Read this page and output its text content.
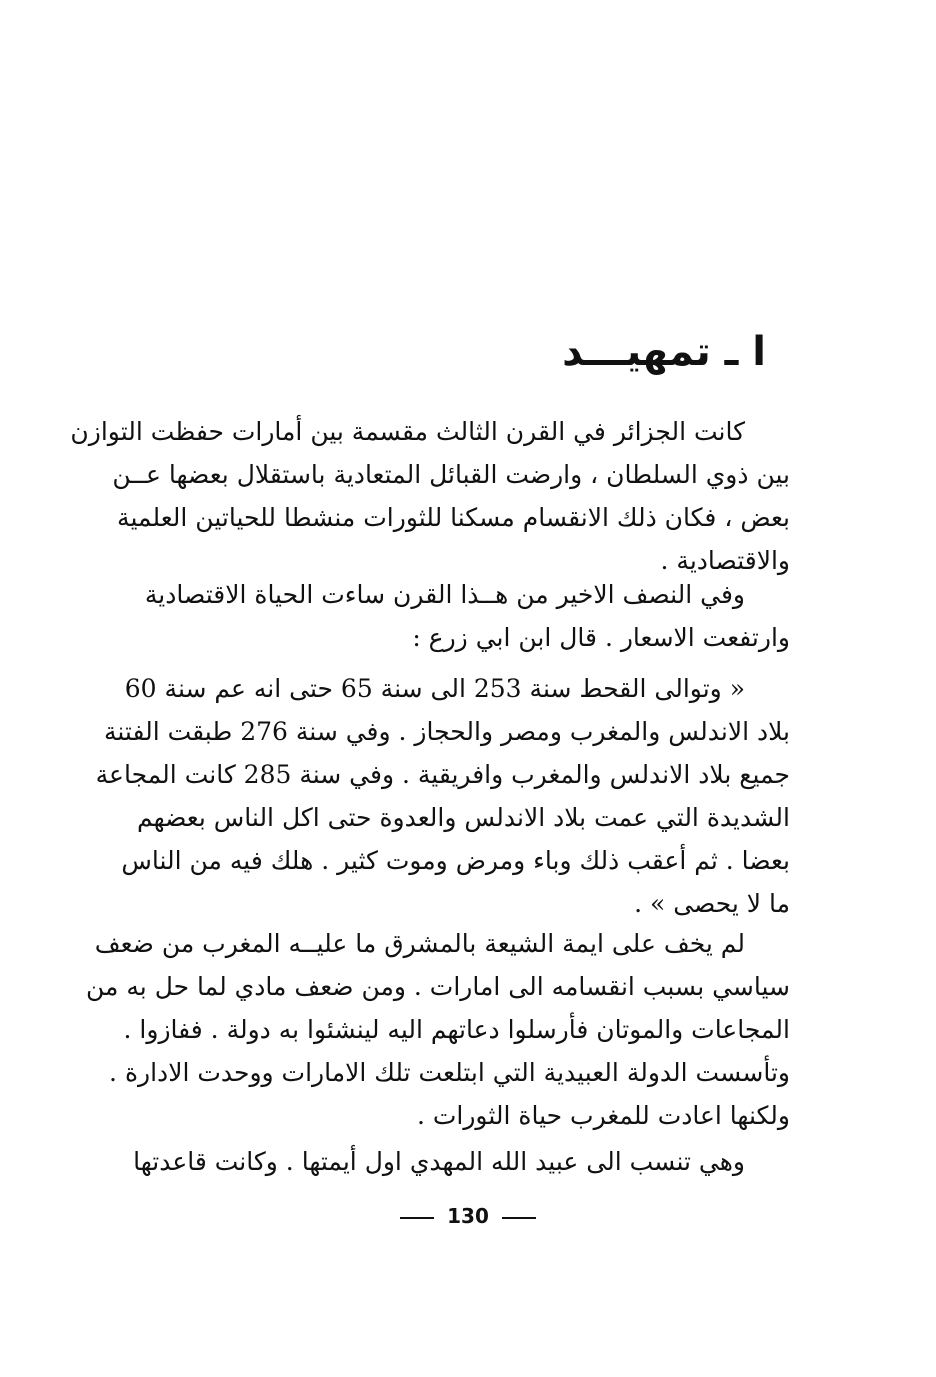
ا ـ تمهيـــد
كانت الجزائر في القرن الثالث مقسمة بين أمارات حفظت التوازن
بين ذوي السلطان ، وارضت القبائل المتعادية باستقلال بعضها عــن
بعض ، فكان ذلك الانقسام مسكنا للثورات منشطا للحياتين العلمية
والاقتصادية .
وفي النصف الاخير من هــذا القرن ساءت الحياة الاقتصادية
وارتفعت الاسعار . قال ابن ابي زرع :
« وتوالى القحط سنة 253 الى سنة 65 حتى انه عم سنة 60
بلاد الاندلس والمغرب ومصر والحجاز . وفي سنة 276 طبقت الفتنة
جميع بلاد الاندلس والمغرب وافريقية . وفي سنة 285 كانت المجاعة
الشديدة التي عمت بلاد الاندلس والعدوة حتى اكل الناس بعضهم
بعضا . ثم أعقب ذلك وباء ومرض وموت كثير . هلك فيه من الناس
ما لا يحصى » .
لم يخف على ايمة الشيعة بالمشرق ما عليــه المغرب من ضعف
سياسي بسبب انقسامه الى امارات . ومن ضعف مادي لما حل به من
المجاعات والموتان فأرسلوا دعاتهم اليه لينشئوا به دولة . ففازوا .
وتأسست الدولة العبيدية التي ابتلعت تلك الامارات ووحدت الادارة .
ولكنها اعادت للمغرب حياة الثورات .
وهي تنسب الى عبيد الله المهدي اول أيمتها . وكانت قاعدتها
130
